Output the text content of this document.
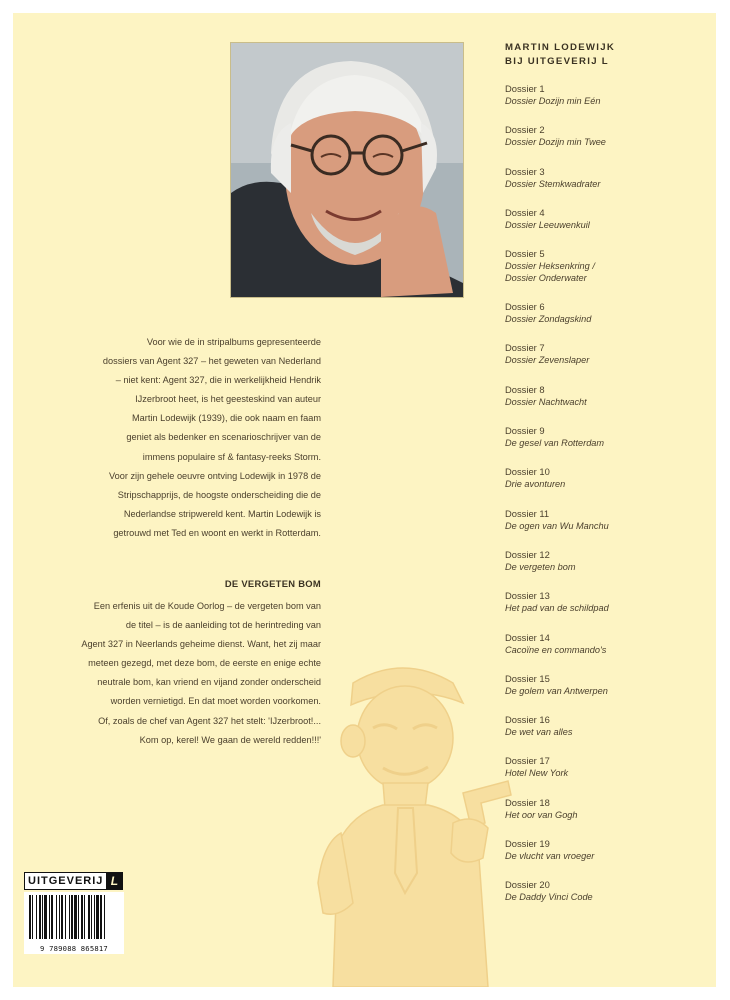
Voor wie de in stripalbums gepresenteerde

dossiers van Agent 327 – het geweten van Nederland

– niet kent: Agent 327, die in werkelijkheid Hendrik

IJzerbroot heet, is het geesteskind van auteur

Martin Lodewijk (1939), die ook naam en faam

geniet als bedenker en scenarioschrijver van de

immens populaire sf & fantasy-reeks Storm.

Voor zijn gehele oeuvre ontving Lodewijk in 1978 de

Stripschapprijs, de hoogste onderscheiding die de

Nederlandse stripwereld kent. Martin Lodewijk is

getrouwd met Ted en woont en werkt in Rotterdam.

DE VERGETEN BOM

Een erfenis uit de Koude Oorlog – de vergeten bom van

de titel – is de aanleiding tot de herintreding van

Agent 327 in Neerlands geheime dienst. Want, het zij maar

meteen gezegd, met deze bom, de eerste en enige echte

neutrale bom, kan vriend en vijand zonder onderscheid

worden vernietigd. En dat moet worden voorkomen.

Of, zoals de chef van Agent 327 het stelt: 'IJzerbroot!...

Kom op, kerel! We gaan de wereld redden!!!'

MARTIN LODEWIJK
BIJ UITGEVERIJ L
Dossier 1
Dossier Dozijn min Eén
Dossier 2
Dossier Dozijn min Twee
Dossier 3
Dossier Stemkwadrater
Dossier 4
Dossier Leeuwenkuil
Dossier 5
Dossier Heksenkring /
Dossier Onderwater
Dossier 6
Dossier Zondagskind
Dossier 7
Dossier Zevenslaper
Dossier 8
Dossier Nachtwacht
Dossier 9
De gesel van Rotterdam
Dossier 10
Drie avonturen
Dossier 11
De ogen van Wu Manchu
Dossier 12
De vergeten bom
Dossier 13
Het pad van de schildpad
Dossier 14
Cacoïne en commando's
Dossier 15
De golem van Antwerpen
Dossier 16
De wet van alles
Dossier 17
Hotel New York
Dossier 18
Het oor van Gogh
Dossier 19
De vlucht van vroeger
Dossier 20
De Daddy Vinci Code
UITGEVERIJ L
9 789088 865817
